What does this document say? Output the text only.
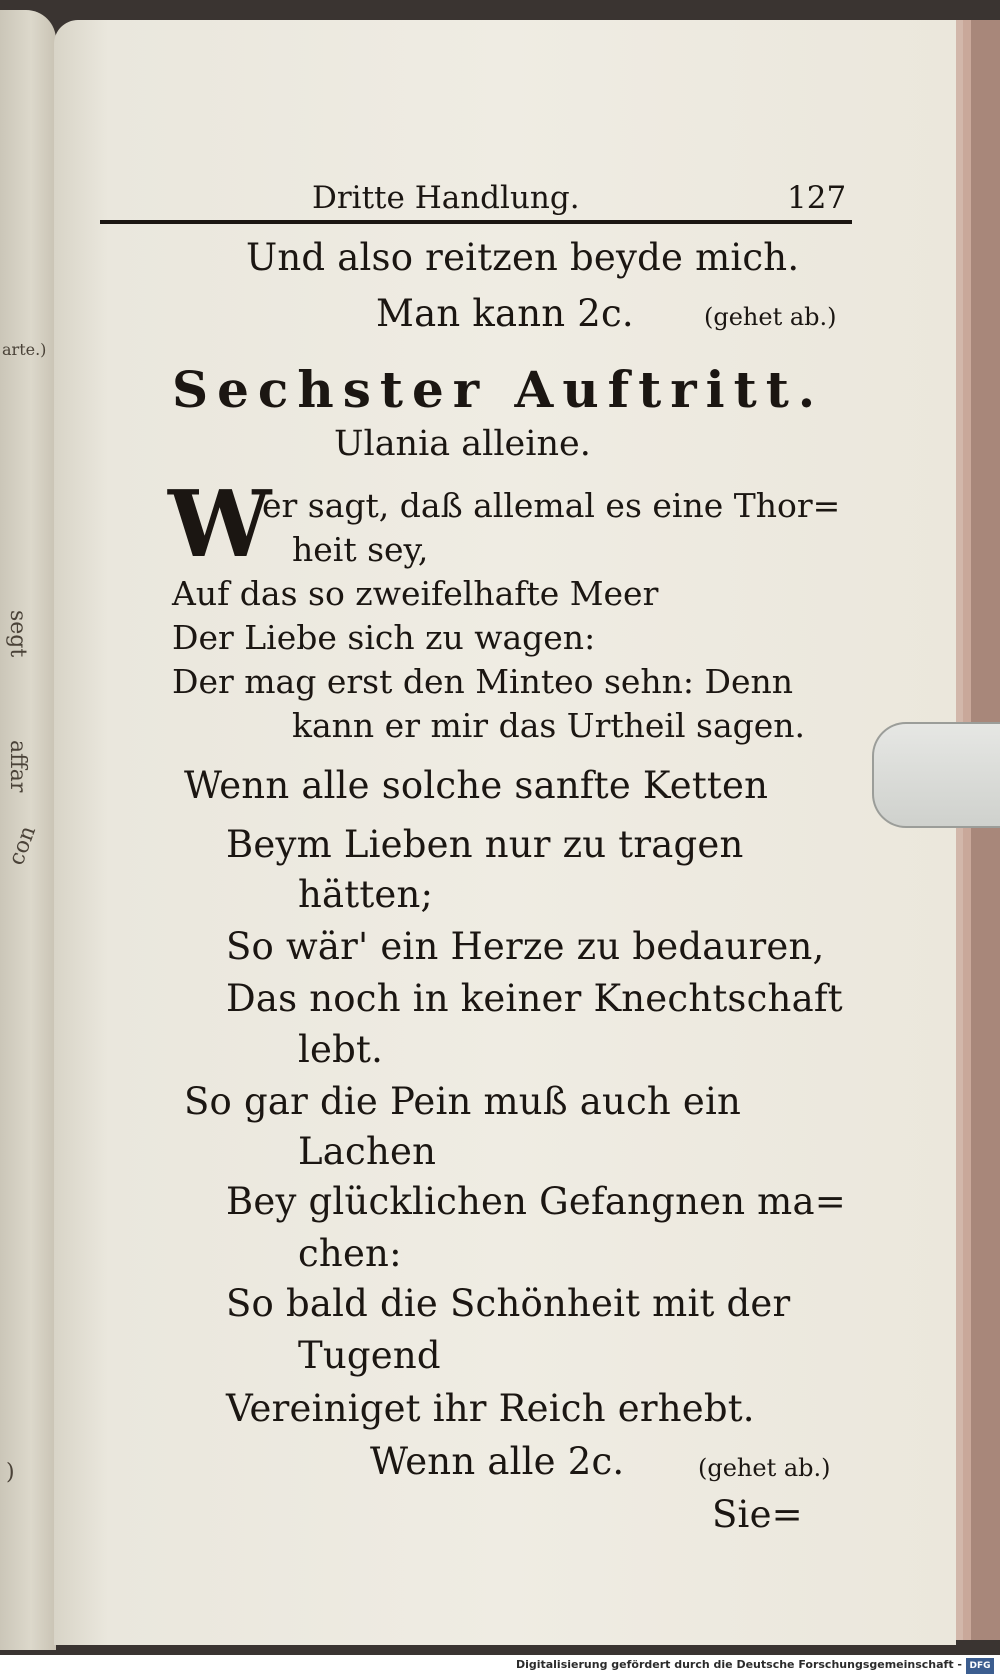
arte.)
segt
affar
con
)
Dritte Handlung.	127
Und also reitzen beyde mich.
Man kann 2c.	(gehet ab.)
Sechster Auftritt.
Ulania alleine.
W
er sagt, daß allemal es eine Thor=
heit sey,
Auf das so zweifelhafte Meer
Der Liebe sich zu wagen:
Der mag erst den Minteo sehn: Denn
kann er mir das Urtheil sagen.
Wenn alle solche sanfte Ketten
Beym Lieben nur zu tragen
hätten;
So wär' ein Herze zu bedauren,
Das noch in keiner Knechtschaft
lebt.
So gar die Pein muß auch ein
Lachen
Bey glücklichen Gefangnen ma=
chen:
So bald die Schönheit mit der
Tugend
Vereiniget ihr Reich erhebt.
Wenn alle 2c.	(gehet ab.)
Sie=
Digitalisierung gefördert durch die Deutsche Forschungsgemeinschaft - DFG
